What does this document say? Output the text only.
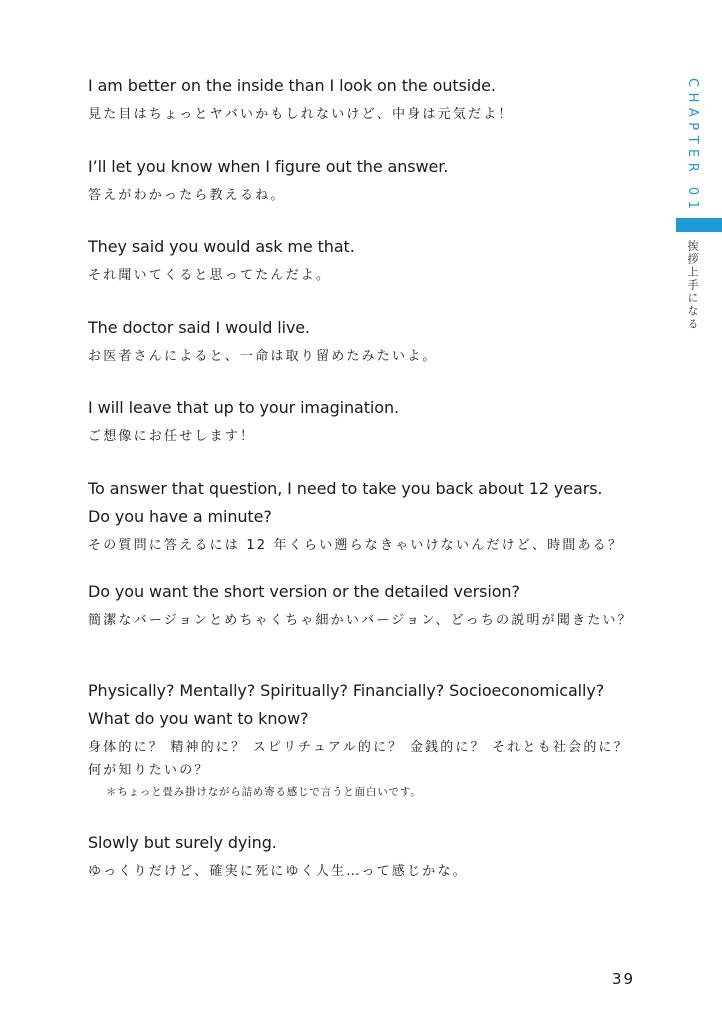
I am better on the inside than I look on the outside.

見た目はちょっとヤバいかもしれないけど、中身は元気だよ！

I’ll let you know when I figure out the answer.

答えがわかったら教えるね。

They said you would ask me that.

それ聞いてくると思ってたんだよ。

The doctor said I would live.

お医者さんによると、一命は取り留めたみたいよ。

I will leave that up to your imagination.

ご想像にお任せします！

To answer that question, I need to take you back about 12 years.

Do you have a minute?

その質問に答えるには 12 年くらい遡らなきゃいけないんだけど、時間ある？

Do you want the short version or the detailed version?

簡潔なバージョンとめちゃくちゃ細かいバージョン、どっちの説明が聞きたい？

Physically? Mentally? Spiritually? Financially? Socioeconomically?

What do you want to know?

身体的に？ 精神的に？ スピリチュアル的に？ 金銭的に？ それとも社会的に？ 何が知りたいの？

＊ちょっと畳み掛けながら詰め寄る感じで言うと面白いです。

Slowly but surely dying.

ゆっくりだけど、確実に死にゆく人生…って感じかな。

CHAPTER 01
挨拶上手になる
39
